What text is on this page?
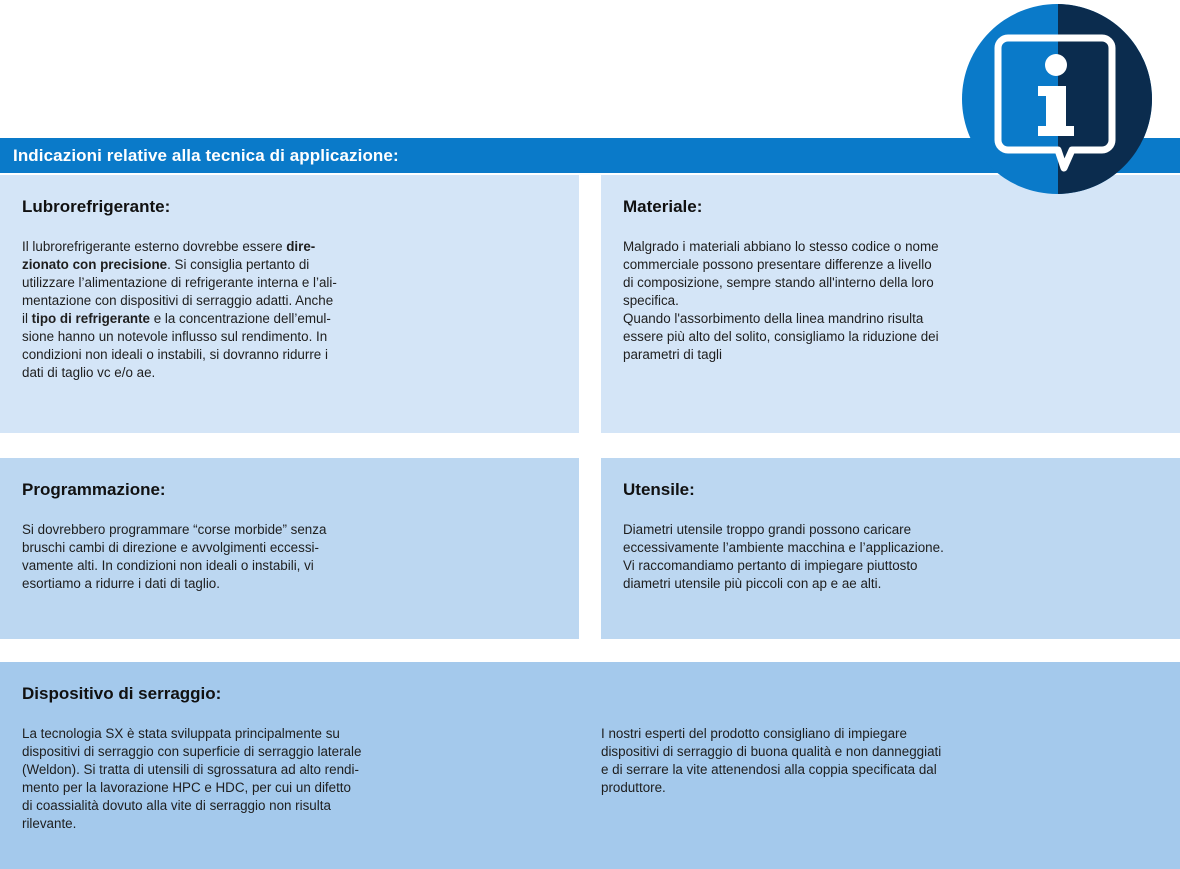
Indicazioni relative alla tecnica di applicazione:
Lubrorefrigerante:
Il lubrorefrigerante esterno dovrebbe essere dire-
zionato con precisione. Si consiglia pertanto di
utilizzare l’alimentazione di refrigerante interna e l’ali-
mentazione con dispositivi di serraggio adatti. Anche
il tipo di refrigerante e la concentrazione dell’emul-
sione hanno un notevole influsso sul rendimento. In
condizioni non ideali o instabili, si dovranno ridurre i
dati di taglio vc e/o ae.
Materiale:
Malgrado i materiali abbiano lo stesso codice o nome
commerciale possono presentare differenze a livello
di composizione, sempre stando all'interno della loro
specifica.
Quando l'assorbimento della linea mandrino risulta
essere più alto del solito, consigliamo la riduzione dei
parametri di tagli
Programmazione:
Si dovrebbero programmare “corse morbide” senza
bruschi cambi di direzione e avvolgimenti eccessi-
vamente alti. In condizioni non ideali o instabili, vi
esortiamo a ridurre i dati di taglio.
Utensile:
Diametri utensile troppo grandi possono caricare
eccessivamente l’ambiente macchina e l’applicazione.
Vi raccomandiamo pertanto di impiegare piuttosto
diametri utensile più piccoli con ap e ae alti.
Dispositivo di serraggio:
La tecnologia SX è stata sviluppata principalmente su
dispositivi di serraggio con superficie di serraggio laterale
(Weldon). Si tratta di utensili di sgrossatura ad alto rendi-
mento per la lavorazione HPC e HDC, per cui un difetto
di coassialità dovuto alla vite di serraggio non risulta
rilevante.
I nostri esperti del prodotto consigliano di impiegare
dispositivi di serraggio di buona qualità e non danneggiati
e di serrare la vite attenendosi alla coppia specificata dal
produttore.
